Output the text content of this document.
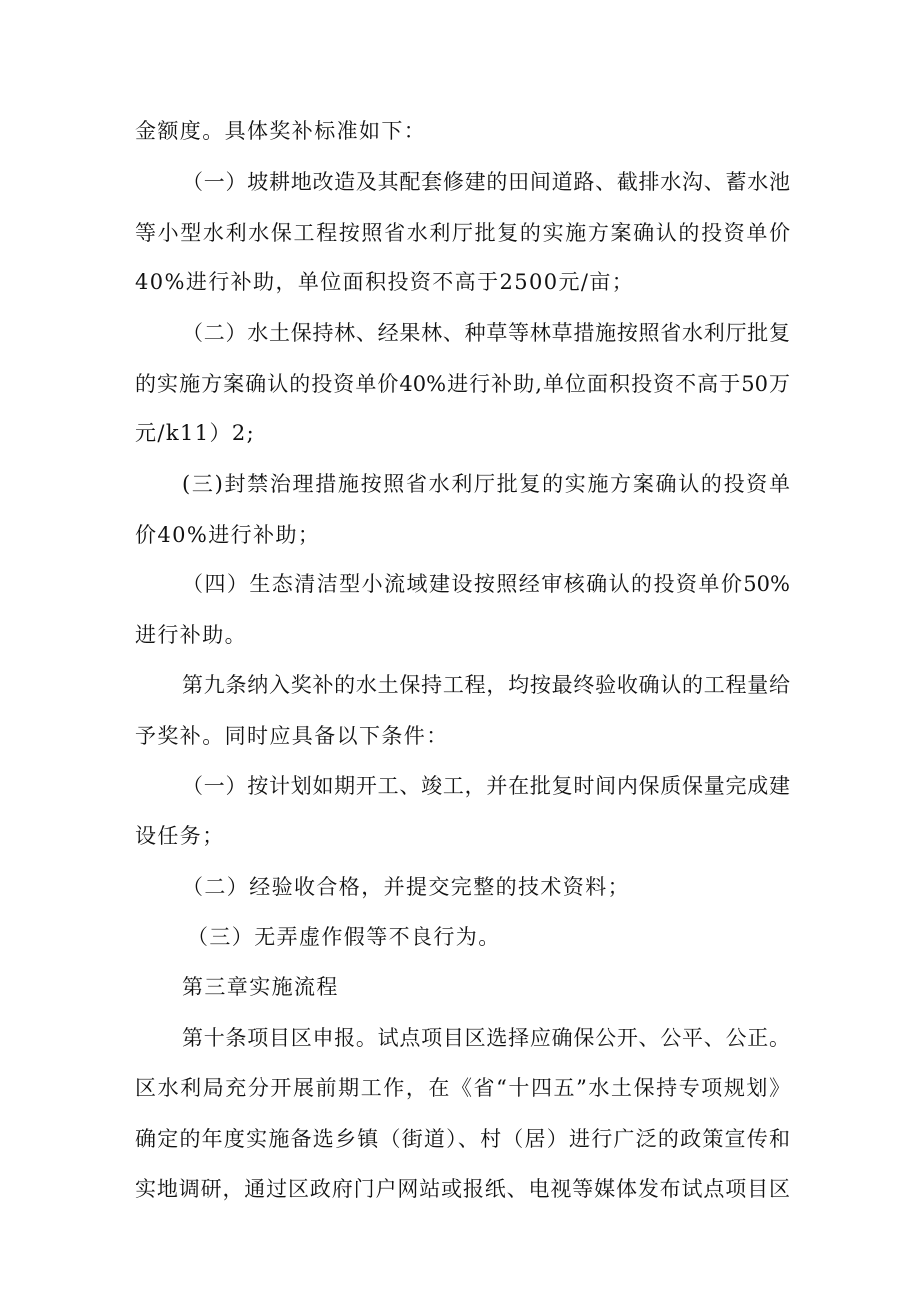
金额度。具体奖补标准如下：
（一）坡耕地改造及其配套修建的田间道路、截排水沟、蓄水池
等小型水利水保工程按照省水利厅批复的实施方案确认的投资单价
40%进行补助，单位面积投资不高于2500元/亩；
（二）水土保持林、经果林、种草等林草措施按照省水利厅批复
的实施方案确认的投资单价40%进行补助,单位面积投资不高于50万
元/k11）2;
(三)封禁治理措施按照省水利厅批复的实施方案确认的投资单
价40%进行补助；
（四）生态清洁型小流域建设按照经审核确认的投资单价50%
进行补助。
第九条纳入奖补的水土保持工程，均按最终验收确认的工程量给
予奖补。同时应具备以下条件：
（一）按计划如期开工、竣工，并在批复时间内保质保量完成建
设任务；
（二）经验收合格，并提交完整的技术资料；
（三）无弄虚作假等不良行为。
第三章实施流程
第十条项目区申报。试点项目区选择应确保公开、公平、公正。
区水利局充分开展前期工作，在《省“十四五”水土保持专项规划》
确定的年度实施备选乡镇（街道）、村（居）进行广泛的政策宣传和
实地调研，通过区政府门户网站或报纸、电视等媒体发布试点项目区
